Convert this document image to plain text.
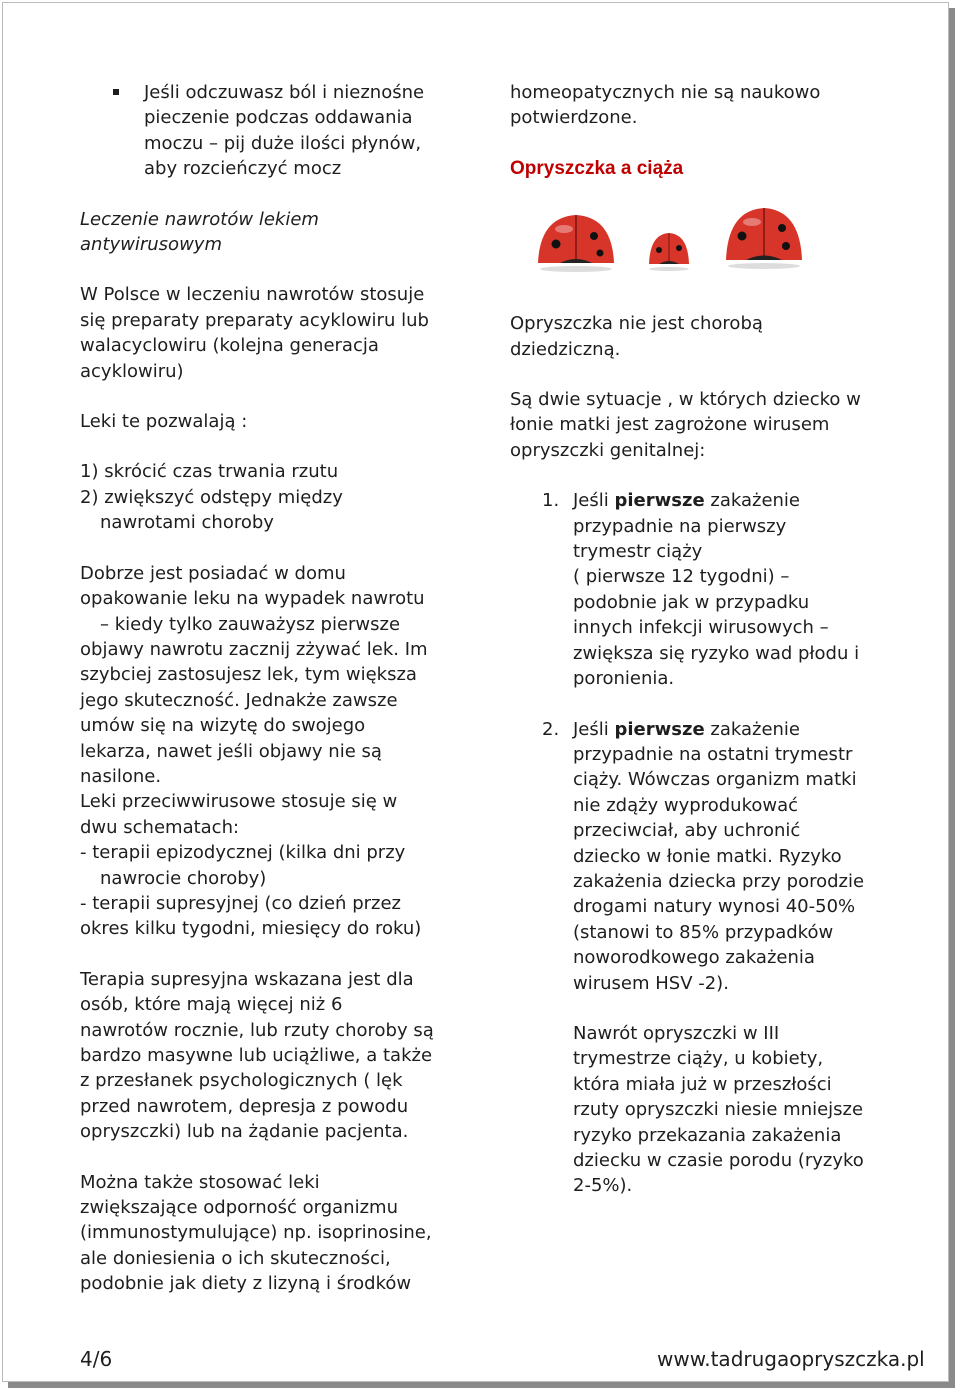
Jeśli odczuwasz ból i nieznośne
pieczenie podczas oddawania
moczu – pij duże ilości płynów,
aby rozcieńczyć mocz

Leczenie nawrotów lekiem
antywirusowym

W Polsce w leczeniu nawrotów stosuje
się preparaty preparaty acyklowiru lub
walacyclowiru (kolejna generacja
acyklowiru)

Leki te pozwalają :

1) skrócić czas trwania rzutu
2) zwiększyć odstępy między
nawrotami choroby

Dobrze jest posiadać w domu
opakowanie leku na wypadek nawrotu
– kiedy tylko zauważysz pierwsze
objawy nawrotu zacznij zżywać lek. Im
szybciej zastosujesz lek, tym większa
jego skuteczność. Jednakże zawsze
umów się na wizytę do swojego
lekarza, nawet jeśli objawy nie są
nasilone.

Leki przeciwwirusowe stosuje się w
dwu schematach:
- terapii epizodycznej (kilka dni przy
nawrocie choroby)
- terapii supresyjnej (co dzień przez
okres kilku tygodni, miesięcy do roku)

Terapia supresyjna wskazana jest dla
osób, które mają więcej niż 6
nawrotów rocznie, lub rzuty choroby są
bardzo masywne lub uciążliwe, a także
z przesłanek psychologicznych ( lęk
przed nawrotem, depresja z powodu
opryszczki) lub na żądanie pacjenta.

Można także stosować leki
zwiększające odporność organizmu
(immunostymulujące) np. isoprinosine,
ale doniesienia o ich skuteczności,
podobnie jak diety z lizyną i środków

homeopatycznych nie są naukowo
potwierdzone.

Opryszczka a ciąża

Opryszczka nie jest chorobą
dziedziczną.

Są dwie sytuacje , w których dziecko w
łonie matki jest zagrożone wirusem
opryszczki genitalnej:

1. Jeśli pierwsze zakażenie
przypadnie na pierwszy
trymestr ciąży
( pierwsze 12 tygodni) –
podobnie jak w przypadku
innych infekcji wirusowych –
zwiększa się ryzyko wad płodu i
poronienia.
2. Jeśli pierwsze zakażenie
przypadnie na ostatni trymestr
ciąży. Wówczas organizm matki
nie zdąży wyprodukować
przeciwciał, aby uchronić
dziecko w łonie matki. Ryzyko
zakażenia dziecka przy porodzie
drogami natury wynosi 40-50%
(stanowi to 85% przypadków
noworodkowego zakażenia
wirusem HSV -2).
Nawrót opryszczki w III
trymestrze ciąży, u kobiety,
która miała już w przeszłości
rzuty opryszczki niesie mniejsze
ryzyko przekazania zakażenia
dziecku w czasie porodu (ryzyko
2-5%).
4/6	www.tadrugaopryszczka.pl
